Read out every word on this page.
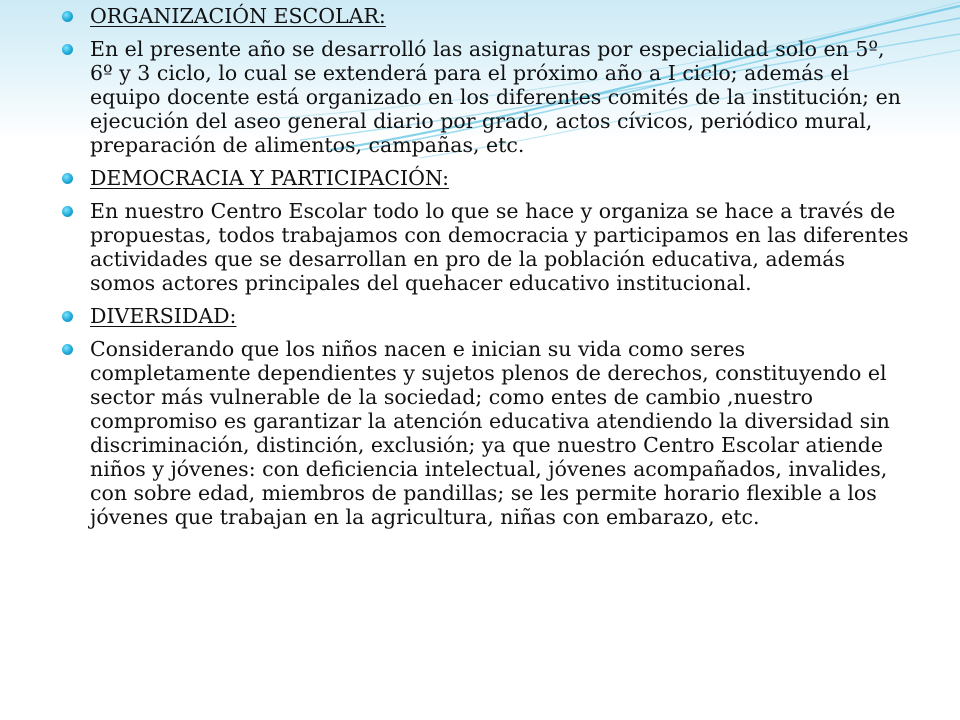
ORGANIZACIÓN ESCOLAR:
En el presente año se desarrolló las asignaturas por especialidad solo en 5º, 6º y 3 ciclo, lo cual se extenderá para el próximo año a I ciclo; además el equipo docente está organizado en los diferentes comités de la institución; en ejecución del aseo general diario por grado, actos cívicos, periódico mural, preparación de alimentos, campañas, etc.
DEMOCRACIA Y PARTICIPACIÓN:
En nuestro Centro Escolar todo lo que se hace y organiza se hace a través de propuestas, todos trabajamos con democracia y participamos en las diferentes actividades que se desarrollan en pro de la población educativa, además somos actores principales del quehacer educativo institucional.
DIVERSIDAD:
Considerando que los niños nacen e inician su vida como seres completamente dependientes y sujetos plenos de derechos, constituyendo el sector más vulnerable de la sociedad; como entes de cambio ,nuestro compromiso es garantizar la atención educativa atendiendo la diversidad sin discriminación, distinción, exclusión; ya que nuestro Centro Escolar atiende niños y jóvenes: con deficiencia intelectual, jóvenes acompañados, invalides, con sobre edad, miembros de pandillas; se les permite horario flexible a los jóvenes que trabajan en la agricultura, niñas con embarazo, etc.
